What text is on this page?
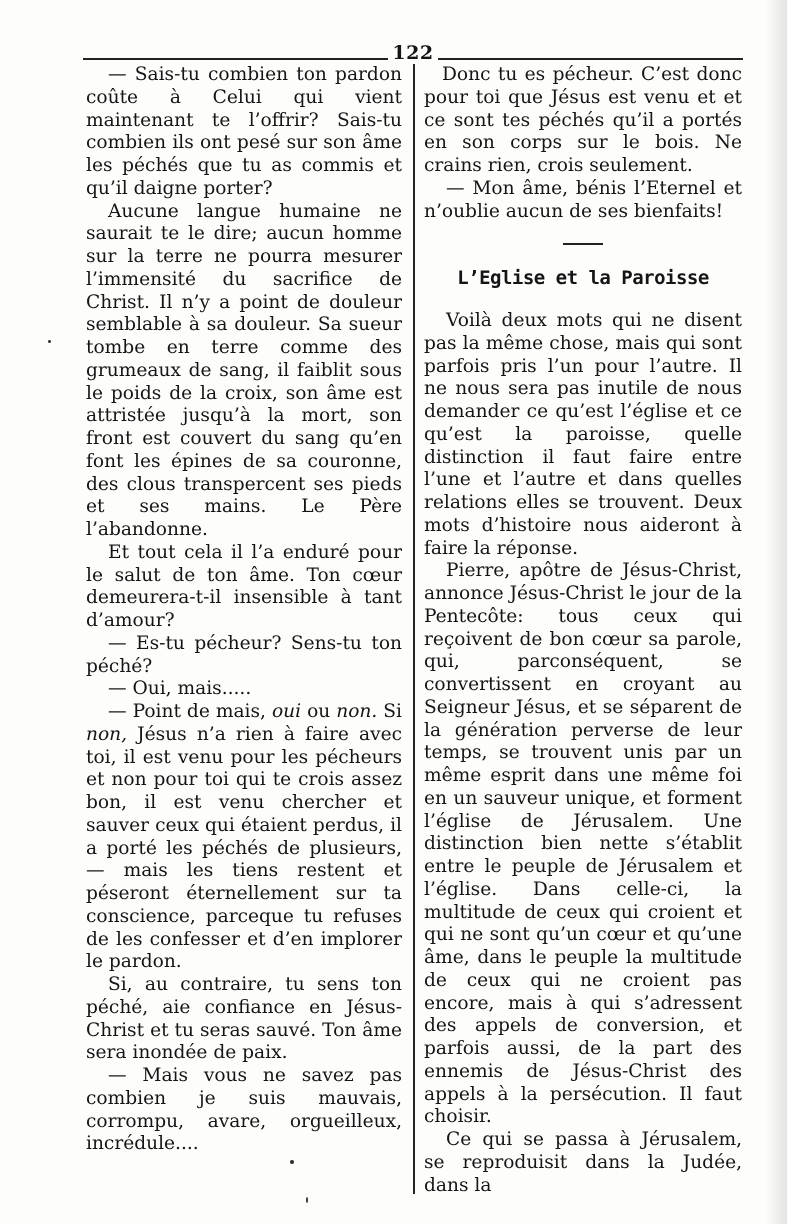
122

— Sais-tu combien ton pardon coûte à Celui qui vient maintenant te l’offrir? Sais-tu combien ils ont pesé sur son âme les péchés que tu as commis et qu’il daigne porter?

Aucune langue humaine ne saurait te le dire; aucun homme sur la terre ne pourra mesurer l’immensité du sacrifice de Christ. Il n’y a point de douleur semblable à sa douleur. Sa sueur tombe en terre comme des grumeaux de sang, il faiblit sous le poids de la croix, son âme est attristée jusqu’à la mort, son front est couvert du sang qu’en font les épines de sa couronne, des clous transpercent ses pieds et ses mains. Le Père l’abandonne.

Et tout cela il l’a enduré pour le salut de ton âme. Ton cœur demeurera-t-il insensible à tant d’amour?

— Es-tu pécheur? Sens-tu ton péché?

— Oui, mais.....

— Point de mais, oui ou non. Si non, Jésus n’a rien à faire avec toi, il est venu pour les pécheurs et non pour toi qui te crois assez bon, il est venu chercher et sauver ceux qui étaient perdus, il a porté les péchés de plusieurs, — mais les tiens restent et péseront éternellement sur ta conscience, parceque tu refuses de les confesser et d’en implorer le pardon.

Si, au contraire, tu sens ton péché, aie confiance en Jésus-Christ et tu seras sauvé. Ton âme sera inondée de paix.

— Mais vous ne savez pas combien je suis mauvais, corrompu, avare, orgueilleux, incrédule....

Donc tu es pécheur. C’est donc pour toi que Jésus est venu et et ce sont tes péchés qu’il a portés en son corps sur le bois. Ne crains rien, crois seulement.

— Mon âme, bénis l’Eternel et n’oublie aucun de ses bienfaits!

L’Eglise et la Paroisse

Voilà deux mots qui ne disent pas la même chose, mais qui sont parfois pris l’un pour l’autre. Il ne nous sera pas inutile de nous demander ce qu’est l’église et ce qu’est la paroisse, quelle distinction il faut faire entre l’une et l’autre et dans quelles relations elles se trouvent. Deux mots d’histoire nous aideront à faire la réponse.

Pierre, apôtre de Jésus-Christ, annonce Jésus-Christ le jour de la Pentecôte: tous ceux qui reçoivent de bon cœur sa parole, qui, parconséquent, se convertissent en croyant au Seigneur Jésus, et se séparent de la génération perverse de leur temps, se trouvent unis par un même esprit dans une même foi en un sauveur unique, et forment l’église de Jérusalem. Une distinction bien nette s’établit entre le peuple de Jérusalem et l’église. Dans celle-ci, la multitude de ceux qui croient et qui ne sont qu’un cœur et qu’une âme, dans le peuple la multitude de ceux qui ne croient pas encore, mais à qui s’adressent des appels de conversion, et parfois aussi, de la part des ennemis de Jésus-Christ des appels à la persécution. Il faut choisir.

Ce qui se passa à Jérusalem, se reproduisit dans la Judée, dans la
